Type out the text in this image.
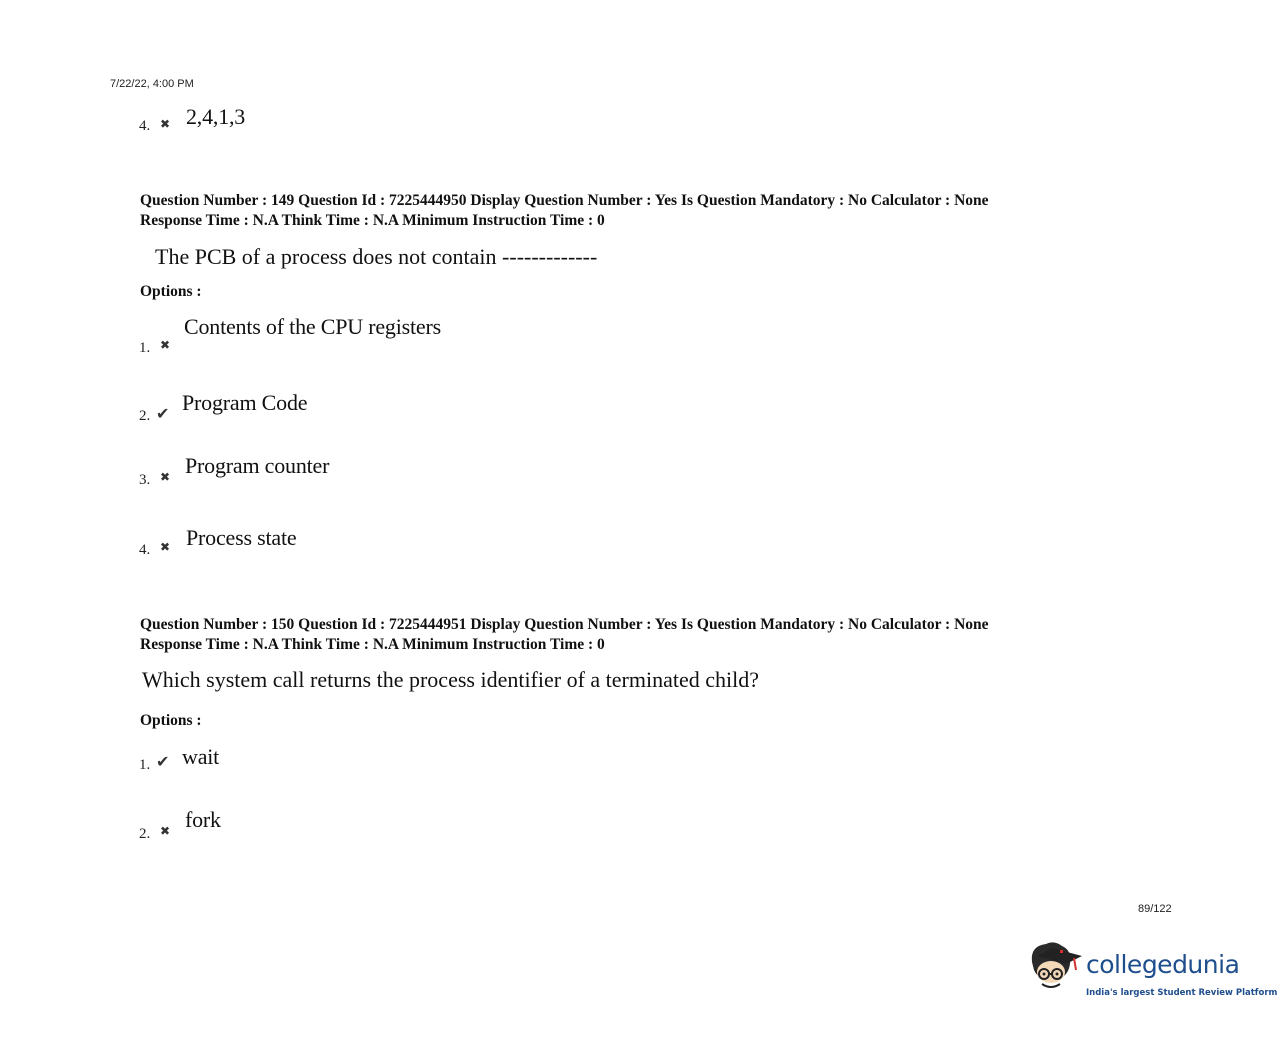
7/22/22, 4:00 PM
4. ✖ 2,4,1,3
Question Number : 149 Question Id : 7225444950 Display Question Number : Yes Is Question Mandatory : No Calculator : None
Response Time : N.A Think Time : N.A Minimum Instruction Time : 0
The PCB of a process does not contain -------------
Options :
1. ✖
Contents of the CPU registers
2. ✔ Program Code
3. ✖ Program counter
4. ✖ Process state
Question Number : 150 Question Id : 7225444951 Display Question Number : Yes Is Question Mandatory : No Calculator : None
Response Time : N.A Think Time : N.A Minimum Instruction Time : 0
Which system call returns the process identifier of a terminated child?
Options :
1. ✔ wait
2. ✖ fork
89/122
collegedunia
India's largest Student Review Platform
